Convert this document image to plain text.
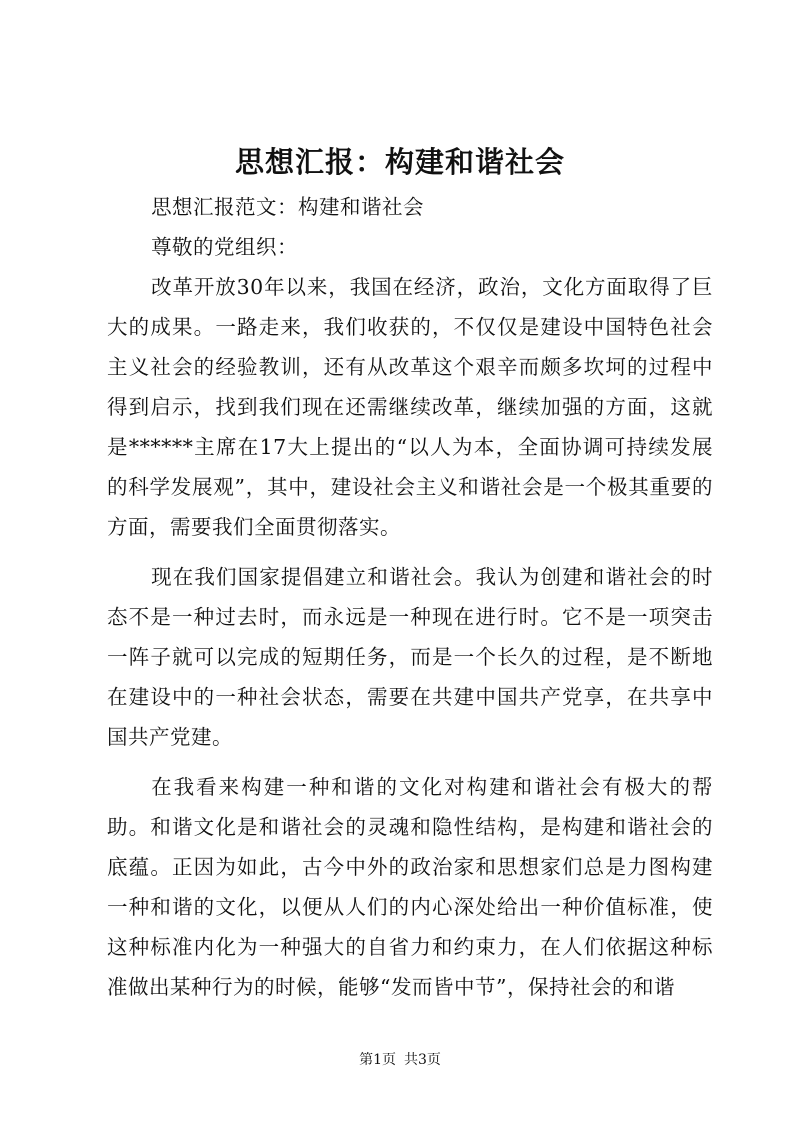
思想汇报：构建和谐社会

思想汇报范文：构建和谐社会

尊敬的党组织：

改革开放30年以来，我国在经济，政治，文化方面取得了巨大的成果。一路走来，我们收获的，不仅仅是建设中国特色社会主义社会的经验教训，还有从改革这个艰辛而颇多坎坷的过程中得到启示，找到我们现在还需继续改革，继续加强的方面，这就是******主席在17大上提出的“以人为本，全面协调可持续发展的科学发展观”，其中，建设社会主义和谐社会是一个极其重要的方面，需要我们全面贯彻落实。

现在我们国家提倡建立和谐社会。我认为创建和谐社会的时态不是一种过去时，而永远是一种现在进行时。它不是一项突击一阵子就可以完成的短期任务，而是一个长久的过程，是不断地在建设中的一种社会状态，需要在共建中国共产党享，在共享中国共产党建。

在我看来构建一种和谐的文化对构建和谐社会有极大的帮助。和谐文化是和谐社会的灵魂和隐性结构，是构建和谐社会的底蕴。正因为如此，古今中外的政治家和思想家们总是力图构建一种和谐的文化，以便从人们的内心深处给出一种价值标准，使这种标准内化为一种强大的自省力和约束力，在人们依据这种标准做出某种行为的时候，能够“发而皆中节”，保持社会的和谐

第1页 共3页
